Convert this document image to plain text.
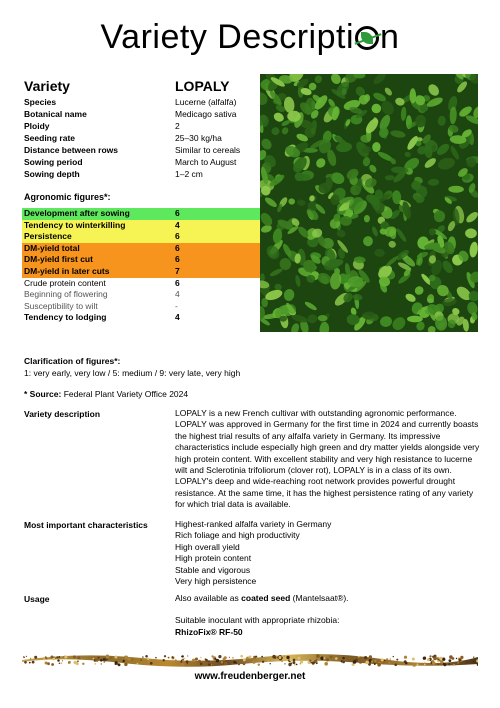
Variety Descripti n
Variety	LOPALY
Species	Lucerne (alfalfa)
Botanical name	Medicago sativa
Ploidy	2
Seeding rate	25–30 kg/ha
Distance between rows	Similar to cereals
Sowing period	March to August
Sowing depth	1–2 cm
Agronomic figures*:
Development after sowing	6
Tendency to winterkilling	4
Persistence	6
DM-yield total	6
DM-yield first cut	6
DM-yield in later cuts	7
Crude protein content	6
Beginning of flowering	4
Susceptibility to wilt	-
Tendency to lodging	4
Clarification of figures*:
1: very early, very low / 5: medium / 9: very late, very high
* Source: Federal Plant Variety Office 2024
Variety description	LOPALY is a new French cultivar with outstanding agronomic performance.
LOPALY was approved in Germany for the first time in 2024 and currently boasts
the highest trial results of any alfalfa variety in Germany. Its impressive
characteristics include especially high green and dry matter yields alongside very
high protein content. With excellent stability and very high resistance to lucerne
wilt and Sclerotinia trifoliorum (clover rot), LOPALY is in a class of its own.
LOPALY's deep and wide-reaching root network provides powerful drought
resistance. At the same time, it has the highest persistence rating of any variety
for which trial data is available.
Most important characteristics	Highest-ranked alfalfa variety in Germany
Rich foliage and high productivity
High overall yield
High protein content
Stable and vigorous
Very high persistence
Usage	Also available as coated seed (Mantelsaat®).
Suitable inoculant with appropriate rhizobia:
RhizoFix® RF-50
www.freudenberger.net
